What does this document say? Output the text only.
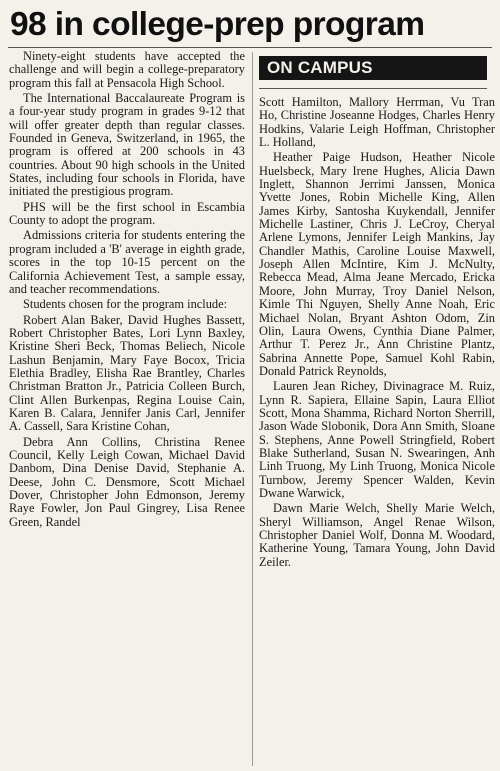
98 in college-prep program

Ninety-eight students have accepted the challenge and will begin a college-preparatory program this fall at Pensacola High School.

The International Baccalaureate Program is a four-year study program in grades 9-12 that will offer greater depth than regular classes. Founded in Geneva, Switzerland, in 1965, the program is offered at 200 schools in 43 countries. About 90 high schools in the United States, including four schools in Florida, have initiated the prestigious program.

PHS will be the first school in Escambia County to adopt the program.

Admissions criteria for students entering the program included a 'B' average in eighth grade, scores in the top 10-15 percent on the California Achievement Test, a sample essay, and teacher recommendations.

Students chosen for the program include:

Robert Alan Baker, David Hughes Bassett, Robert Christopher Bates, Lori Lynn Baxley, Kristine Sheri Beck, Thomas Beliech, Nicole Lashun Benjamin, Mary Faye Bocox, Tricia Elethia Bradley, Elisha Rae Brantley, Charles Christman Bratton Jr., Patricia Colleen Burch, Clint Allen Burkenpas, Regina Louise Cain, Karen B. Calara, Jennifer Janis Carl, Jennifer A. Cassell, Sara Kristine Cohan,

Debra Ann Collins, Christina Renee Council, Kelly Leigh Cowan, Michael David Danbom, Dina Denise David, Stephanie A. Deese, John C. Densmore, Scott Michael Dover, Christopher John Edmonson, Jeremy Raye Fowler, Jon Paul Gingrey, Lisa Renee Green, Randel

ON CAMPUS

Scott Hamilton, Mallory Herrman, Vu Tran Ho, Christine Joseanne Hodges, Charles Henry Hodkins, Valarie Leigh Hoffman, Christopher L. Holland,

Heather Paige Hudson, Heather Nicole Huelsbeck, Mary Irene Hughes, Alicia Dawn Inglett, Shannon Jerrimi Janssen, Monica Yvette Jones, Robin Michelle King, Allen James Kirby, Santosha Kuykendall, Jennifer Michelle Lastiner, Chris J. LeCroy, Cheryal Arlene Lymons, Jennifer Leigh Mankins, Jay Chandler Mathis, Caroline Louise Maxwell, Joseph Allen McIntire, Kim J. McNulty, Rebecca Mead, Alma Jeane Mercado, Ericka Moore, John Murray, Troy Daniel Nelson, Kimle Thi Nguyen, Shelly Anne Noah, Eric Michael Nolan, Bryant Ashton Odom, Zin Olin, Laura Owens, Cynthia Diane Palmer, Arthur T. Perez Jr., Ann Christine Plantz, Sabrina Annette Pope, Samuel Kohl Rabin, Donald Patrick Reynolds,

Lauren Jean Richey, Divinagrace M. Ruiz, Lynn R. Sapiera, Ellaine Sapin, Laura Elliot Scott, Mona Shamma, Richard Norton Sherrill, Jason Wade Slobonik, Dora Ann Smith, Sloane S. Stephens, Anne Powell Stringfield, Robert Blake Sutherland, Susan N. Swearingen, Anh Linh Truong, My Linh Truong, Monica Nicole Turnbow, Jeremy Spencer Walden, Kevin Dwane Warwick,

Dawn Marie Welch, Shelly Marie Welch, Sheryl Williamson, Angel Renae Wilson, Christopher Daniel Wolf, Donna M. Woodard, Katherine Young, Tamara Young, John David Zeiler.
